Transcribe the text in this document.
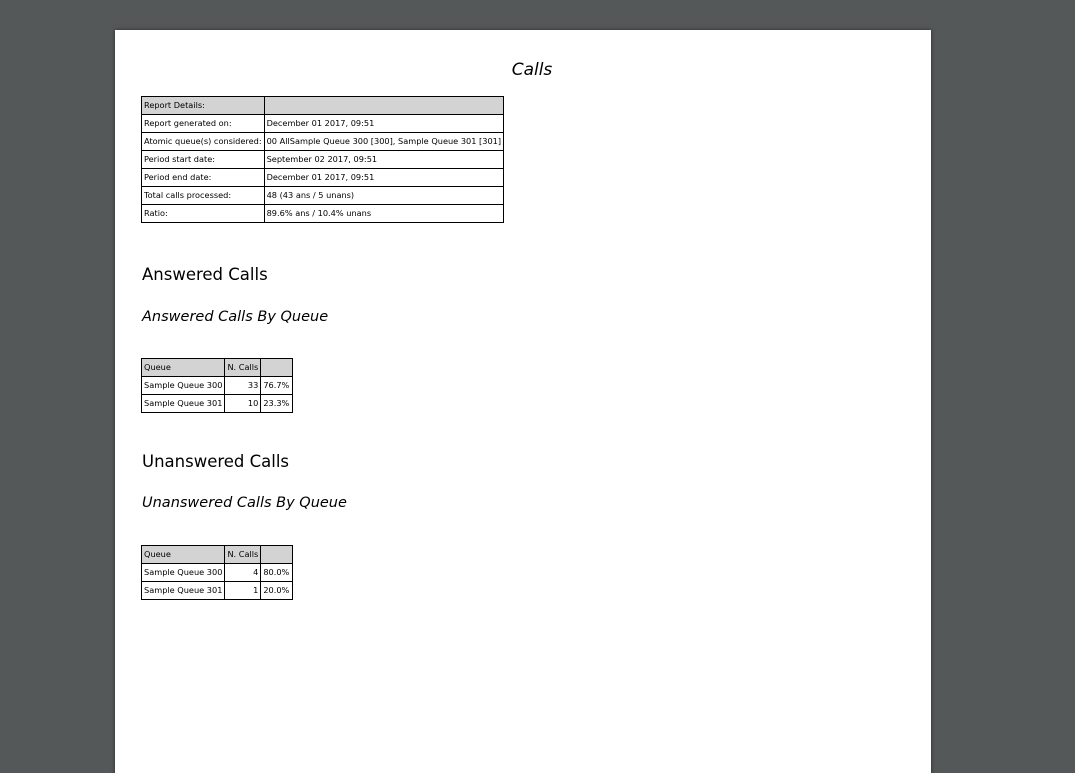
Calls
Report Details:	
Report generated on:	December 01 2017, 09:51
Atomic queue(s) considered:	00 AllSample Queue 300 [300], Sample Queue 301 [301]
Period start date:	September 02 2017, 09:51
Period end date:	December 01 2017, 09:51
Total calls processed:	48 (43 ans / 5 unans)
Ratio:	89.6% ans / 10.4% unans
Answered Calls
Answered Calls By Queue
Queue	N. Calls	
Sample Queue 300	33	76.7%
Sample Queue 301	10	23.3%
Unanswered Calls
Unanswered Calls By Queue
Queue	N. Calls	
Sample Queue 300	4	80.0%
Sample Queue 301	1	20.0%
